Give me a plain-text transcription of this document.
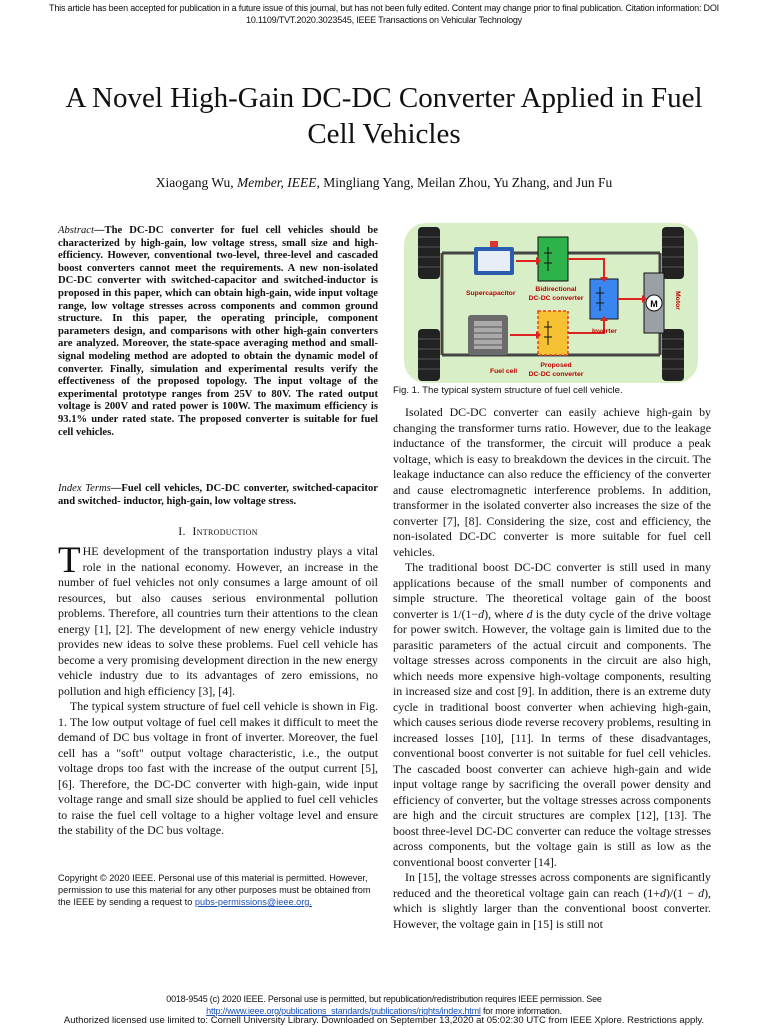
This article has been accepted for publication in a future issue of this journal, but has not been fully edited. Content may change prior to final publication. Citation information: DOI 10.1109/TVT.2020.3023545, IEEE Transactions on Vehicular Technology
A Novel High-Gain DC-DC Converter Applied in Fuel Cell Vehicles
Xiaogang Wu, Member, IEEE, Mingliang Yang, Meilan Zhou, Yu Zhang, and Jun Fu
Abstract—The DC-DC converter for fuel cell vehicles should be characterized by high-gain, low voltage stress, small size and high- efficiency. However, conventional two-level, three-level and cascaded boost converters cannot meet the requirements. A new non-isolated DC-DC converter with switched-capacitor and switched-inductor is proposed in this paper, which can obtain high-gain, wide input voltage range, low voltage stresses across components and common ground structure. In this paper, the operating principle, component parameters design, and comparisons with other high-gain converters are analyzed. Moreover, the state-space averaging method and small-signal modeling method are adopted to obtain the dynamic model of converter. Finally, simulation and experimental results verify the effectiveness of the proposed topology. The input voltage of the experimental prototype ranges from 25V to 80V. The rated output voltage is 200V and rated power is 100W. The maximum efficiency is 93.1% under rated state. The proposed converter is suitable for fuel cell vehicles.
Index Terms—Fuel cell vehicles, DC-DC converter, switched-capacitor and switched- inductor, high-gain, low voltage stress.
I. Introduction

THE development of the transportation industry plays a vital role in the national economy. However, an increase in the number of fuel vehicles not only consumes a large amount of oil resources, but also causes serious environmental pollution problems. Therefore, all countries turn their attentions to the clean energy [1], [2]. The development of new energy vehicle industry provides new ideas to solve these problems. Fuel cell vehicle has become a very promising development direction in the new energy vehicle industry due to its advantages of zero emissions, no pollution and high efficiency [3], [4].

The typical system structure of fuel cell vehicle is shown in Fig. 1. The low output voltage of fuel cell makes it difficult to meet the demand of DC bus voltage in front of inverter. Moreover, the fuel cell has a "soft" output voltage characteristic, i.e., the output voltage drops too fast with the increase of the output current [5], [6]. Therefore, the DC-DC converter with high-gain, wide input voltage range and small size should be applied to fuel cell vehicles to raise the fuel cell voltage to a higher voltage level and ensure the stability of the DC bus voltage.

Copyright © 2020 IEEE. Personal use of this material is permitted. However, permission to use this material for any other purposes must be obtained from the IEEE by sending a request to pubs-permissions@ieee.org.
M
Supercapacitor
Bidirectional
DC-DC converter
Inverter
Fuel cell
Proposed
DC-DC converter
Motor
Fig. 1. The typical system structure of fuel cell vehicle.

Isolated DC-DC converter can easily achieve high-gain by changing the transformer turns ratio. However, due to the leakage inductance of the transformer, the circuit will produce a peak voltage, which is easy to breakdown the devices in the circuit. The leakage inductance can also reduce the efficiency of the converter and cause electromagnetic interference problems. In addition, transformer in the isolated converter also increases the size of the converter [7], [8]. Considering the size, cost and efficiency, the non-isolated DC-DC converter is more suitable for fuel cell vehicles.

The traditional boost DC-DC converter is still used in many applications because of the small number of components and simple structure. The theoretical voltage gain of the boost converter is 1/(1−d), where d is the duty cycle of the drive voltage for power switch. However, the voltage gain is limited due to the parasitic parameters of the actual circuit and components. The voltage stresses across components in the circuit are also high, which needs more expensive high-voltage components, resulting in increased size and cost [9]. In addition, there is an extreme duty cycle in traditional boost converter when achieving high-gain, which causes serious diode reverse recovery problems, resulting in increased losses [10], [11]. In terms of these disadvantages, conventional boost converter is not suitable for fuel cell vehicles. The cascaded boost converter can achieve high-gain and wide input voltage range by sacrificing the overall power density and efficiency of converter, but the voltage stresses across components are high and the circuit structures are complex [12], [13]. The boost three-level DC-DC converter can reduce the voltage stresses across components, but the voltage gain is still as low as the conventional boost converter [14].

In [15], the voltage stresses across components are significantly reduced and the theoretical voltage gain can reach (1+d)/(1 − d), which is slightly larger than the conventional boost converter. However, the voltage gain in [15] is still not

0018-9545 (c) 2020 IEEE. Personal use is permitted, but republication/redistribution requires IEEE permission. See http://www.ieee.org/publications_standards/publications/rights/index.html for more information.
Authorized licensed use limited to: Cornell University Library. Downloaded on September 13,2020 at 05:02:30 UTC from IEEE Xplore. Restrictions apply.
